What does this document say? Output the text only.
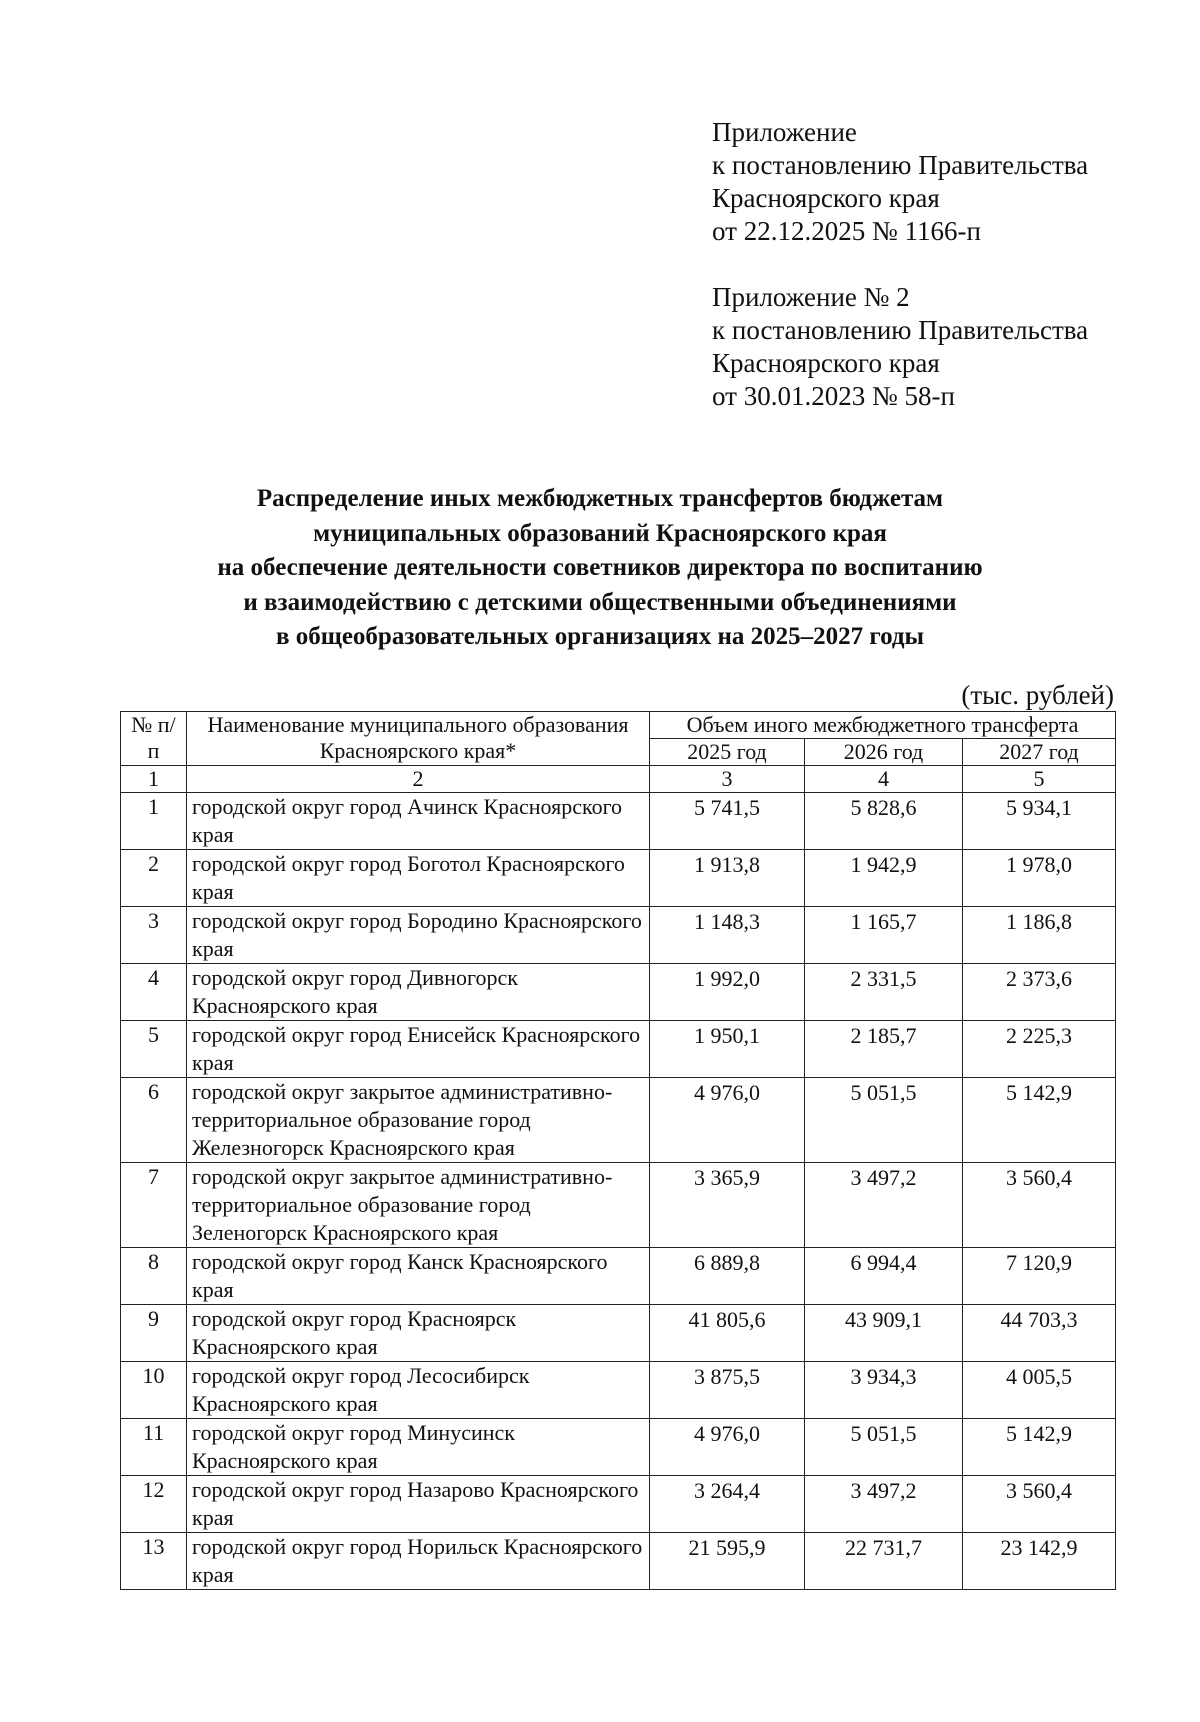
Приложение
к постановлению Правительства
Красноярского края
от 22.12.2025 № 1166-п
Приложение № 2
к постановлению Правительства
Красноярского края
от 30.01.2023 № 58-п
Распределение иных межбюджетных трансфертов бюджетам
муниципальных образований Красноярского края
на обеспечение деятельности советников директора по воспитанию
и взаимодействию с детскими общественными объединениями
в общеобразовательных организациях на 2025–2027 годы
(тыс. рублей)
№ п/п	Наименование муниципального образования Красноярского края*	Объем иного межбюджетного трансферта		
		2025 год	2026 год	2027 год
1	2	3	4	5
1	городской округ город Ачинск Красноярского края	5 741,5	5 828,6	5 934,1
2	городской округ город Боготол Красноярского края	1 913,8	1 942,9	1 978,0
3	городской округ город Бородино Красноярского края	1 148,3	1 165,7	1 186,8
4	городской округ город Дивногорск Красноярского края	1 992,0	2 331,5	2 373,6
5	городской округ город Енисейск Красноярского края	1 950,1	2 185,7	2 225,3
6	городской округ закрытое административно-территориальное образование город Железногорск Красноярского края	4 976,0	5 051,5	5 142,9
7	городской округ закрытое административно-территориальное образование город Зеленогорск Красноярского края	3 365,9	3 497,2	3 560,4
8	городской округ город Канск Красноярского края	6 889,8	6 994,4	7 120,9
9	городской округ город Красноярск Красноярского края	41 805,6	43 909,1	44 703,3
10	городской округ город Лесосибирск Красноярского края	3 875,5	3 934,3	4 005,5
11	городской округ город Минусинск Красноярского края	4 976,0	5 051,5	5 142,9
12	городской округ город Назарово Красноярского края	3 264,4	3 497,2	3 560,4
13	городской округ город Норильск Красноярского края	21 595,9	22 731,7	23 142,9
